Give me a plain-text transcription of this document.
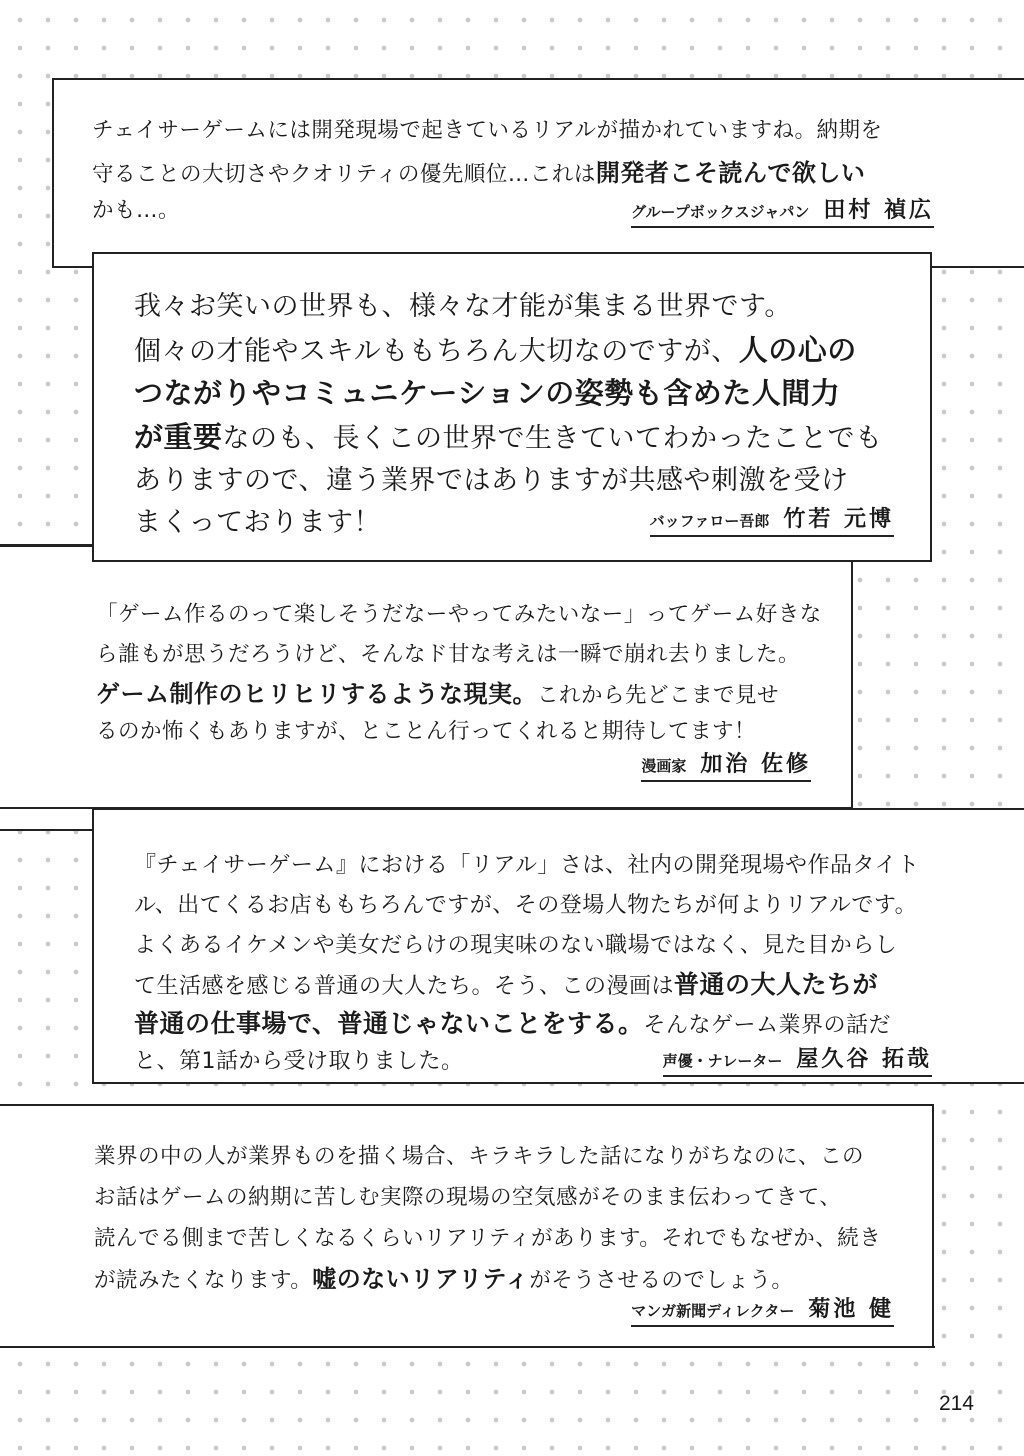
チェイサーゲームには開発現場で起きているリアルが描かれていますね。納期を
守ることの大切さやクオリティの優先順位…これは開発者こそ読んで欲しい
かも…。	グループボックスジャパン 田村 禎広
「ゲーム作るのって楽しそうだなーやってみたいなー」ってゲーム好きな
ら誰もが思うだろうけど、そんなド甘な考えは一瞬で崩れ去りました。
ゲーム制作のヒリヒリするような現実。これから先どこまで見せ
るのか怖くもありますが、とことん行ってくれると期待してます！
漫画家 加治 佐修
我々お笑いの世界も、様々な才能が集まる世界です。
個々の才能やスキルももちろん大切なのですが、人の心の
つながりやコミュニケーションの姿勢も含めた人間力
が重要なのも、長くこの世界で生きていてわかったことでも
ありますので、違う業界ではありますが共感や刺激を受け
まくっております！	バッファロー吾郎 竹若 元博
業界の中の人が業界ものを描く場合、キラキラした話になりがちなのに、この
お話はゲームの納期に苦しむ実際の現場の空気感がそのまま伝わってきて、
読んでる側まで苦しくなるくらいリアリティがあります。それでもなぜか、続き
が読みたくなります。嘘のないリアリティがそうさせるのでしょう。
マンガ新聞ディレクター 菊池 健
『チェイサーゲーム』における「リアル」さは、社内の開発現場や作品タイト
ル、出てくるお店ももちろんですが、その登場人物たちが何よりリアルです。
よくあるイケメンや美女だらけの現実味のない職場ではなく、見た目からし
て生活感を感じる普通の大人たち。そう、この漫画は普通の大人たちが
普通の仕事場で、普通じゃないことをする。そんなゲーム業界の話だ
と、第1話から受け取りました。	声優・ナレーター 屋久谷 拓哉
214
